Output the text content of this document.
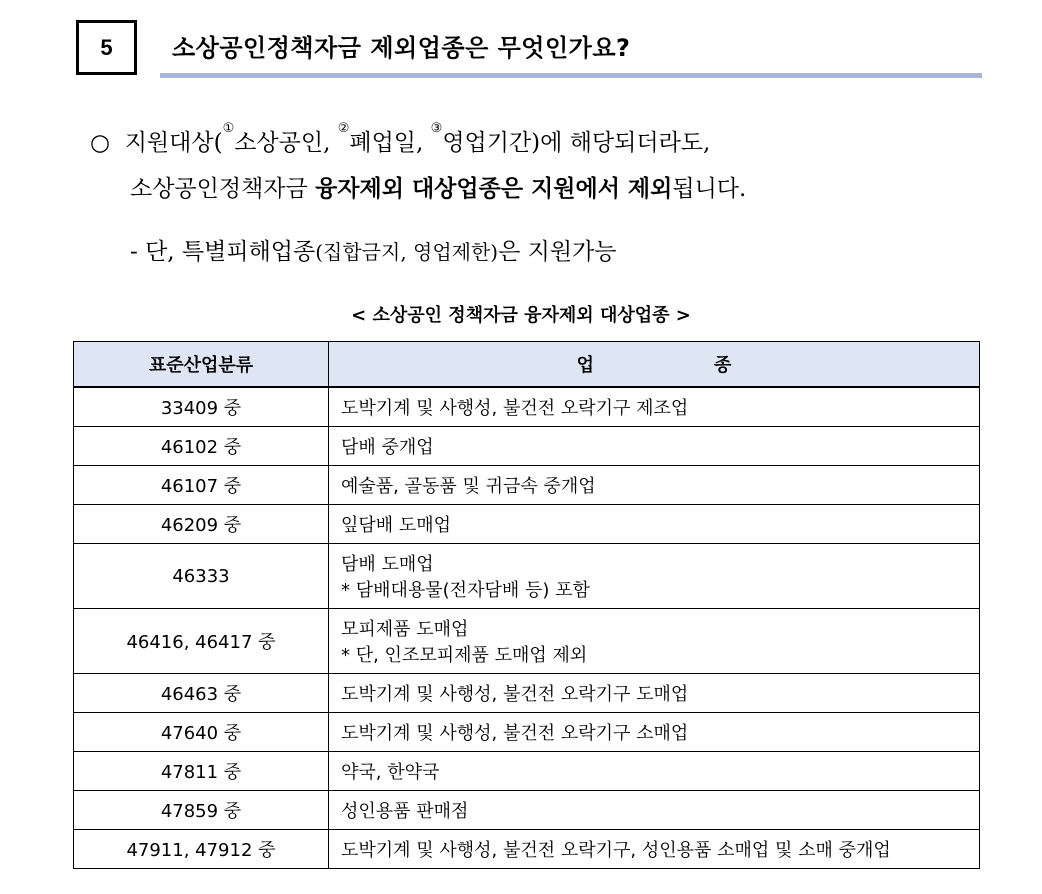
5 소상공인정책자금 제외업종은 무엇인가요?
○ 지원대상(①소상공인, ②폐업일, ③영업기간)에 해당되더라도,
소상공인정책자금 융자제외 대상업종은 지원에서 제외됩니다.
- 단, 특별피해업종(집합금지, 영업제한)은 지원가능
< 소상공인 정책자금 융자제외 대상업종 >
표준산업분류	업 종
33409 중	도박기계 및 사행성, 불건전 오락기구 제조업

46102 중	담배 중개업

46107 중	예술품, 골동품 및 귀금속 중개업

46209 중	잎담배 도매업

46333	담배 도매업
* 담배대용물(전자담배 등) 포함

46416, 46417 중	모피제품 도매업
* 단, 인조모피제품 도매업 제외

46463 중	도박기계 및 사행성, 불건전 오락기구 도매업

47640 중	도박기계 및 사행성, 불건전 오락기구 소매업

47811 중	약국, 한약국

47859 중	성인용품 판매점

47911, 47912 중	도박기계 및 사행성, 불건전 오락기구, 성인용품 소매업 및 소매 중개업
